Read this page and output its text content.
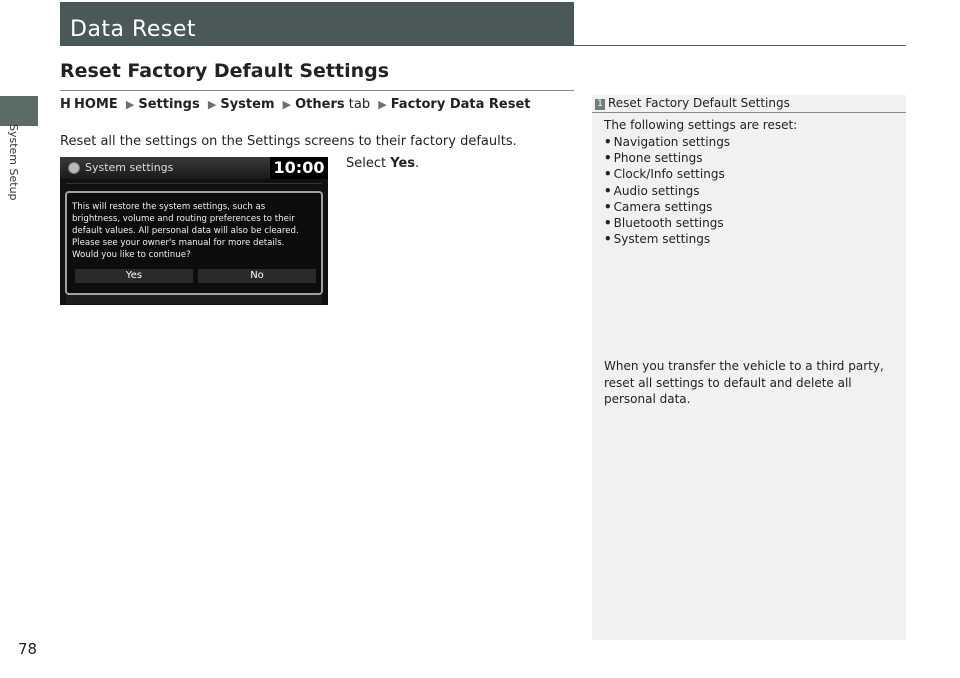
System Setup
78
Data Reset
Reset Factory Default Settings
H HOME ▶ Settings ▶ System ▶ Others tab ▶ Factory Data Reset
Reset all the settings on the Settings screens to their factory defaults.
Select Yes.
System settings	10:00
This will restore the system settings, such as
brightness, volume and routing preferences to their
default values. All personal data will also be cleared.
Please see your owner's manual for more details.
Would you like to continue?
Yes	No
1 Reset Factory Default Settings
The following settings are reset:
• Navigation settings
• Phone settings
• Clock/Info settings
• Audio settings
• Camera settings
• Bluetooth settings
• System settings
When you transfer the vehicle to a third party, reset all settings to default and delete all personal data.
